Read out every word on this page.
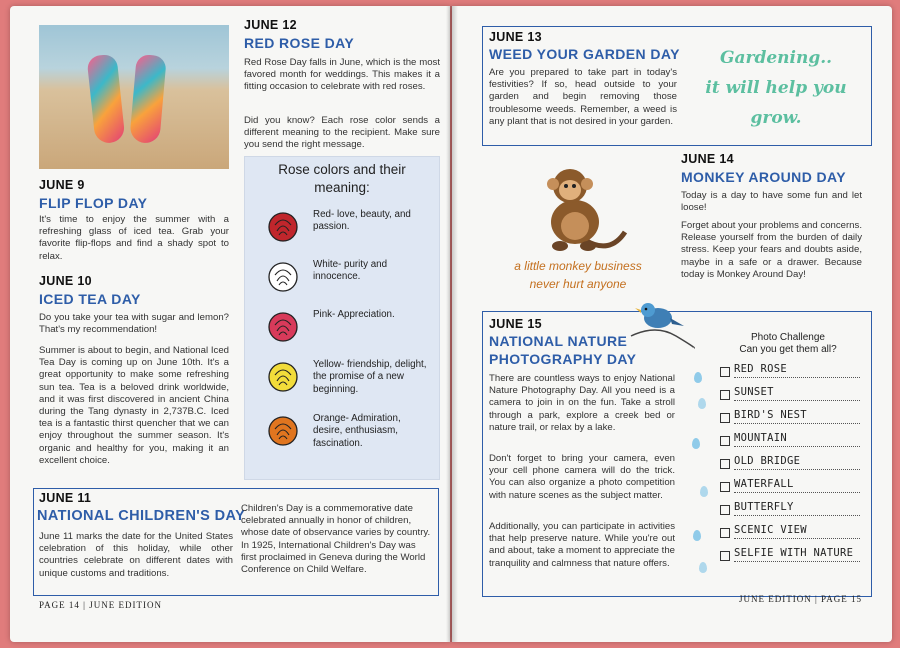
JUNE 9
FLIP FLOP DAY
It's time to enjoy the summer with a refreshing glass of iced tea. Grab your favorite flip-flops and find a shady spot to relax.
JUNE 10
ICED TEA DAY
Do you take your tea with sugar and lemon? That's my recommendation!
Summer is about to begin, and National Iced Tea Day is coming up on June 10th. It's a great opportunity to make some refreshing sun tea. Tea is a beloved drink worldwide, and it was first discovered in ancient China during the Tang dynasty in 2,737B.C. Iced tea is a fantastic thirst quencher that we can enjoy throughout the summer season. It's organic and healthy for you, making it an excellent choice.
JUNE 12
RED ROSE DAY
Red Rose Day falls in June, which is the most favored month for weddings. This makes it a fitting occasion to celebrate with red roses.
Did you know? Each rose color sends a different meaning to the recipient. Make sure you send the right message.
Rose colors and their meaning:
Red- love, beauty, and passion.
White- purity and innocence.
Pink- Appreciation.
Yellow- friendship, delight, the promise of a new beginning.
Orange- Admiration, desire, enthusiasm, fascination.
JUNE 11
NATIONAL CHILDREN'S DAY
June 11 marks the date for the United States celebration of this holiday, while other countries celebrate on different dates with unique customs and traditions.
Children's Day is a commemorative date celebrated annually in honor of children, whose date of observance varies by country. In 1925, International Children's Day was first proclaimed in Geneva during the World Conference on Child Welfare.
PAGE 14 | JUNE EDITION
JUNE 13
WEED YOUR GARDEN DAY
Are you prepared to take part in today's festivities? If so, head outside to your garden and begin removing those troublesome weeds. Remember, a weed is any plant that is not desired in your garden.
Gardening..
it will help you
grow.
a little monkey business
never hurt anyone
JUNE 14
MONKEY AROUND DAY
Today is a day to have some fun and let loose!
Forget about your problems and concerns. Release yourself from the burden of daily stress. Keep your fears and doubts aside, maybe in a safe or a drawer. Because today is Monkey Around Day!
JUNE 15
NATIONAL NATURE
PHOTOGRAPHY DAY
There are countless ways to enjoy National Nature Photography Day. All you need is a camera to join in on the fun. Take a stroll through a park, explore a creek bed or nature trail, or relax by a lake.
Don't forget to bring your camera, even your cell phone camera will do the trick. You can also organize a photo competition with nature scenes as the subject matter.
Additionally, you can participate in activities that help preserve nature. While you're out and about, take a moment to appreciate the tranquility and calmness that nature offers.
Photo Challenge
Can you get them all?
RED ROSE
SUNSET
BIRD'S NEST
MOUNTAIN
OLD BRIDGE
WATERFALL
BUTTERFLY
SCENIC VIEW
SELFIE WITH NATURE
JUNE EDITION | PAGE 15
